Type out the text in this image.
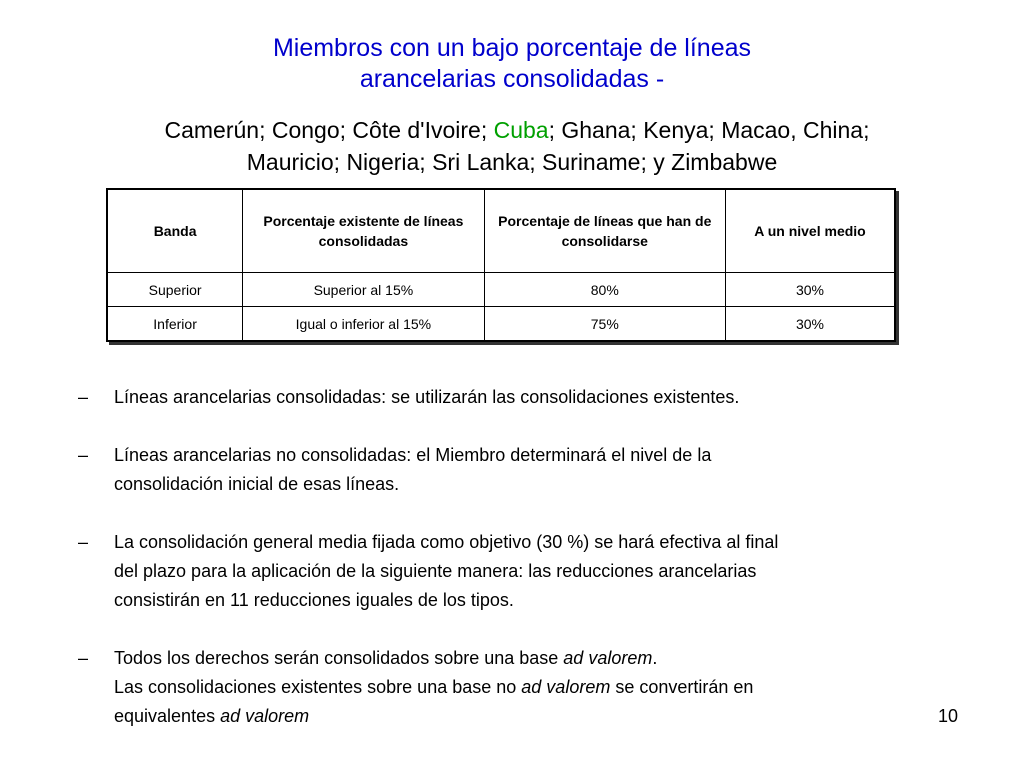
Miembros con un bajo porcentaje de líneas
arancelarias consolidadas -
Camerún; Congo; Côte d'Ivoire; Cuba; Ghana; Kenya; Macao, China;
Mauricio; Nigeria; Sri Lanka; Suriname; y Zimbabwe
Banda	Porcentaje existente de líneas consolidadas	Porcentaje de líneas que han de consolidarse	A un nivel medio
Superior	Superior al 15%	80%	30%
Inferior	Igual o inferior al 15%	75%	30%
– Líneas arancelarias consolidadas: se utilizarán las consolidaciones existentes.
– Líneas arancelarias no consolidadas: el Miembro determinará el nivel de la
consolidación inicial de esas líneas.
– La consolidación general media fijada como objetivo (30 %) se hará efectiva al final
del plazo para la aplicación de la siguiente manera: las reducciones arancelarias
consistirán en 11 reducciones iguales de los tipos.
– Todos los derechos serán consolidados sobre una base ad valorem.
Las consolidaciones existentes sobre una base no ad valorem se convertirán en
equivalentes ad valorem	10
